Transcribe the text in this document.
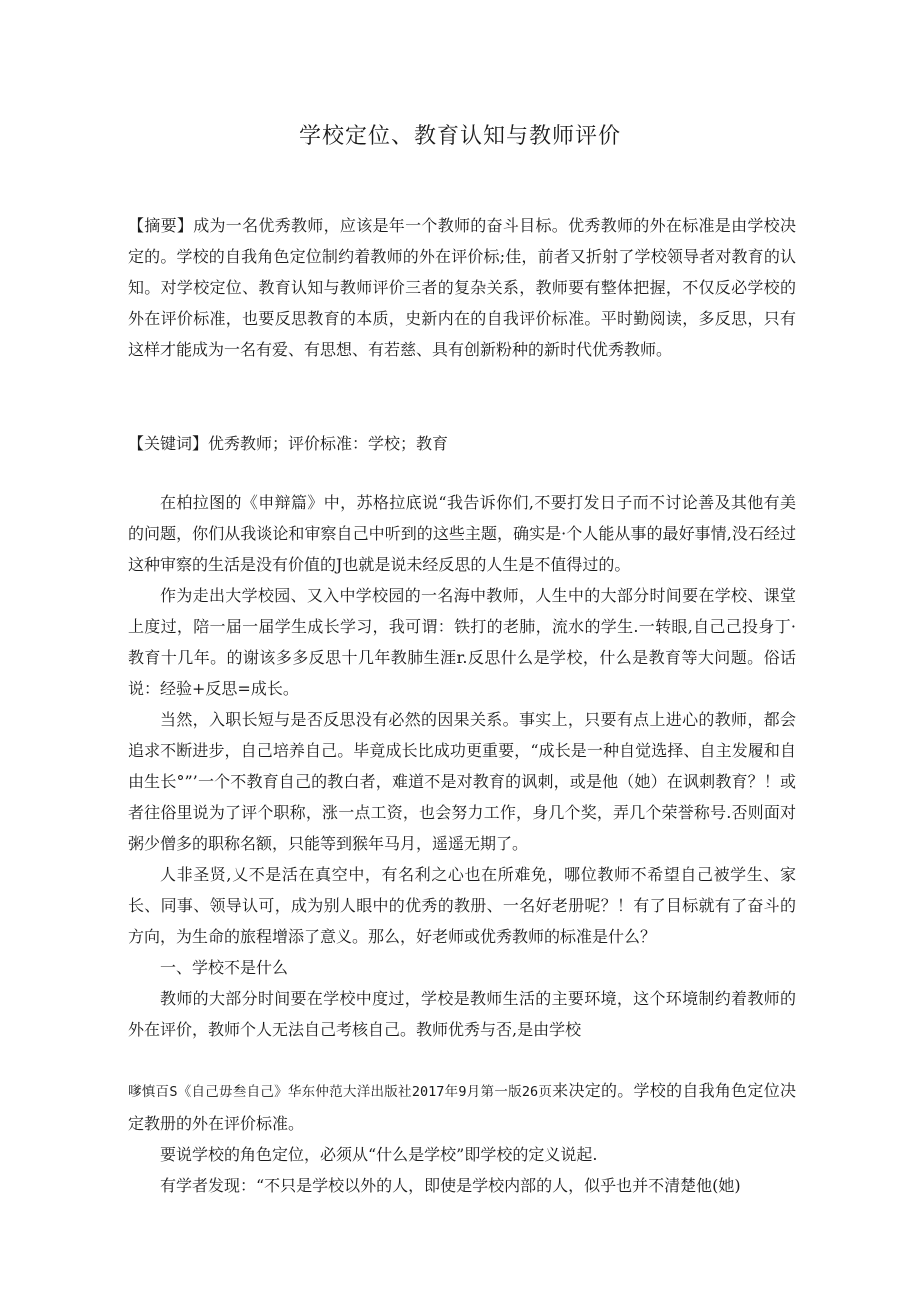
学校定位、教育认知与教师评价

【摘要】成为一名优秀教师，应该是年一个教师的奋斗目标。优秀教师的外在标准是由学校决定的。学校的自我角色定位制约着教师的外在评价标;佳，前者又折射了学校领导者对教育的认知。对学校定位、教育认知与教师评价三者的复杂关系，教师要有整体把握，不仅反必学校的外在评价标准，也要反思教育的本质，史新内在的自我评价标准。平时勤阅读，多反思，只有这样才能成为一名有爱、有思想、有若慈、具有创新粉种的新时代优秀教师。

【关键词】优秀教师；评价标准：学校；教育

在柏拉图的《申辩篇》中，苏格拉底说“我告诉你们,不要打发日子而不讨论善及其他有美的问题，你们从我谈论和审察自己中听到的这些主题，确实是·个人能从事的最好事情,没石经过这种审察的生活是没有价值的J也就是说未经反思的人生是不值得过的。

作为走出大学校园、又入中学校园的一名海中教师，人生中的大部分时间要在学校、课堂上度过，陪一届一届学生成长学习，我可谓：铁打的老肺，流水的学生.一转眼,自己己投身丁·教育十几年。的谢该多多反思十几年教肺生涯r.反思什么是学校，什么是教育等大问题。俗话说：经验+反思=成长。

当然，入职长短与是否反思没有必然的因果关系。事实上，只要有点上进心的教师，都会追求不断进步，自己培养自己。毕竟成长比成功更重要，“成长是一种自觉选择、自主发履和自由生长°”’一个不教育自己的教白者，难道不是对教育的讽刺，或是他（她）在讽刺教育？！或者往俗里说为了评个职称，涨一点工资，也会努力工作，身几个奖，弄几个荣誉称号.否则面对粥少僧多的职称名额，只能等到猴年马月，遥遥无期了。

人非圣贤,乂不是活在真空中，有名利之心也在所难免，哪位教师不希望自己被学生、家长、同事、领导认可，成为别人眼中的优秀的教册、一名好老册呢？！有了目标就有了奋斗的方向，为生命的旅程增添了意义。那么，好老师或优秀教师的标准是什么？

一、学校不是什么

教师的大部分时间要在学校中度过，学校是教师生活的主要环境，这个环境制约着教师的外在评价，教师个人无法自己考核自己。教师优秀与否,是由学校

嗲慎百S《自己毋叁自己》华东仲范大洋出版社2017年9月第一版26页来决定的。学校的自我角色定位决定教册的外在评价标准。

要说学校的角色定位，必须从“什么是学校”即学校的定义说起.

有学者发现：“不只是学校以外的人，即使是学校内部的人，似乎也并不清楚他(她)
